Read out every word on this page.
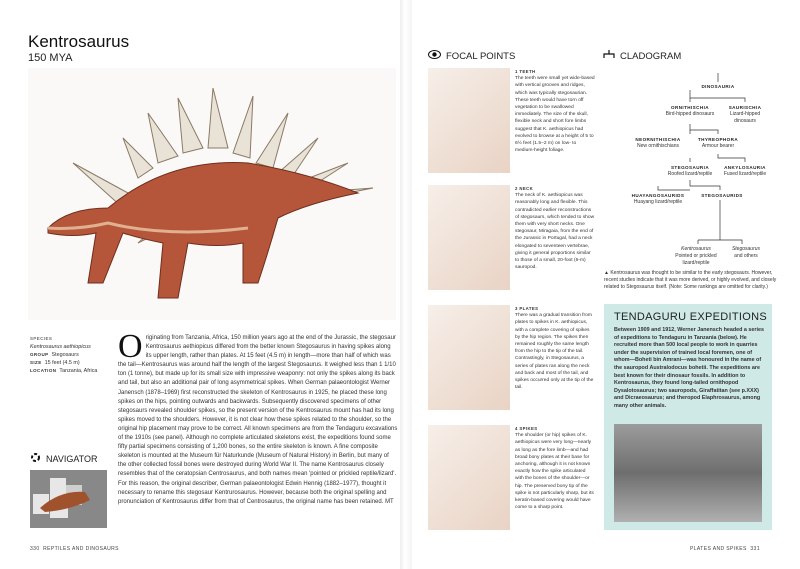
Kentrosaurus
150 MYA
SPECIES
Kentrosaurus aethiopicus
GROUP Stegosaurs
SIZE 15 feet (4.5 m)
LOCATION Tanzania, Africa
Originating from Tanzania, Africa, 150 million years ago at the end of the Jurassic, the stegosaur Kentrosaurus aethiopicus differed from the better known Stegosaurus in having spikes along its upper length, rather than plates. At 15 feet (4.5 m) in length—more than half of which was the tail—Kentrosaurus was around half the length of the largest Stegosaurus. It weighed less than 1 1/10 ton (1 tonne), but made up for its small size with impressive weaponry: not only the spikes along its back and tail, but also an additional pair of long asymmetrical spikes. When German palaeontologist Werner Janensch (1878–1969) first reconstructed the skeleton of Kentrosaurus in 1925, he placed these long spikes on the hips, pointing outwards and backwards. Subsequently discovered specimens of other stegosaurs revealed shoulder spikes, so the present version of the Kentrosaurus mount has had its long spikes moved to the shoulders. However, it is not clear how these spikes related to the shoulder, so the original hip placement may prove to be correct. All known specimens are from the Tendaguru excavations of the 1910s (see panel). Although no complete articulated skeletons exist, the expeditions found some fifty partial specimens consisting of 1,200 bones, so the entire skeleton is known. A fine composite skeleton is mounted at the Museum für Naturkunde (Museum of Natural History) in Berlin, but many of the other collected fossil bones were destroyed during World War II. The name Kentrosaurus closely resembles that of the ceratopsian Centrosaurus, and both names mean 'pointed or prickled reptile/lizard'. For this reason, the original describer, German palaeontologist Edwin Hennig (1882–1977), thought it necessary to rename this stegosaur Kentrurosaurus. However, because both the original spelling and pronunciation of Kentrosaurus differ from that of Centrosaurus, the original name has been retained. MT
NAVIGATOR
330 REPTILES AND DINOSAURS
FOCAL POINTS	CLADOGRAM
1 TEETH
The teeth were small yet wide-based with vertical grooves and ridges, which was typically stegosaurian. These teeth would have torn off vegetation to be swallowed immediately. The size of the skull, flexible neck and short fore limbs suggest that K. aethiopicus had evolved to browse at a height of 5 to 6½ feet (1.5–2 m) on low- to medium-height foliage.
2 NECK
The neck of K. aethiopicus was reasonably long and flexible. This contradicted earlier reconstructions of stegosaurs, which tended to show them with very short necks. One stegosaur, Miragaia, from the end of the Jurassic in Portugal, had a neck elongated to seventeen vertebrae, giving it general proportions similar to those of a small, 20-foot (6-m) sauropod.
3 PLATES
There was a gradual transition from plates to spikes in K. aethiopicus, with a complete covering of spikes by the hip region. The spikes then remained roughly the same length from the hip to the tip of the tail. Contrastingly, in Stegosaurus, a series of plates ran along the neck and back and most of the tail, and spikes occurred only at the tip of the tail.
4 SPIKES
The shoulder (or hip) spikes of K. aethiopicus were very long—nearly as long as the fore limb—and had broad bony plates at their base for anchoring, although it is not known exactly how the spike articulated with the bones of the shoulder—or hip. The preserved bony tip of the spike is not particularly sharp, but its keratin-based covering would have come to a sharp point.
DINOSAURIA
ORNITHISCHIA
Bird-hipped dinosaurs
SAURISCHIA
Lizard-hipped dinosaurs
NEORNITHISCHIA
New ornithischians
THYREOPHORA
Armour bearer
STEGOSAURIA
Roofed lizard/reptile
ANKYLOSAURIA
Fused lizard/reptile
HUAYANGOSAURIDS
Huayang lizard/reptile
STEGOSAURIDS
Kentrosaurus
Pointed or prickled lizard/reptile
Stegosaurus
and others
▲ Kentrosaurus was thought to be similar to the early stegosaurs. However, recent studies indicate that it was more derived, or highly evolved, and closely related to Stegosaurus itself. (Note: Some rankings are omitted for clarity.)
TENDAGURU EXPEDITIONS

Between 1909 and 1912, Werner Janensch headed a series of expeditions to Tendaguru in Tanzania (below). He recruited more than 500 local people to work in quarries under the supervision of trained local foremen, one of whom—Boheti bin Amrani—was honoured in the name of the sauropod Australodocus bohetii. The expeditions are best known for their dinosaur fossils. In addition to Kentrosaurus, they found long-tailed ornithopod Dysalotosaurus; two sauropods, Giraffatitan (see p.XXX) and Dicraeosaurus; and theropod Elaphrosaurus, among many other animals.

PLATES AND SPIKES 331
